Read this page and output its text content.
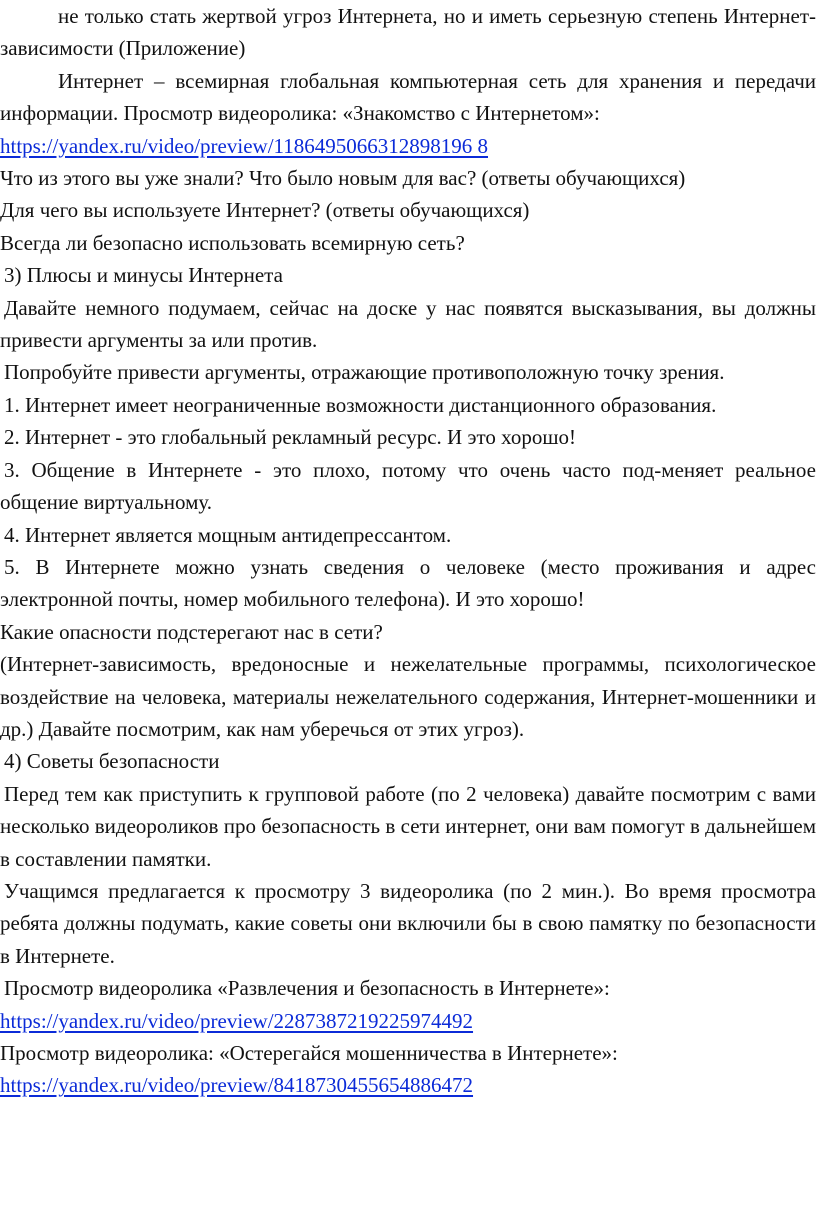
не только стать жертвой угроз Интернета, но и иметь серьезную степень Интернет-зависимости (Приложение)

Интернет – всемирная глобальная компьютерная сеть для хранения и передачи информации. Просмотр видеоролика: «Знакомство с Интернетом»:

https://yandex.ru/video/preview/1186495066312898196 8

Что из этого вы уже знали? Что было новым для вас? (ответы обучающихся)

Для чего вы используете Интернет? (ответы обучающихся)

Всегда ли безопасно использовать всемирную сеть?

3) Плюсы и минусы Интернета

Давайте немного подумаем, сейчас на доске у нас появятся высказывания, вы должны привести аргументы за или против.

Попробуйте привести аргументы, отражающие противоположную точку зрения.

1. Интернет имеет неограниченные возможности дистанционного образования.

2. Интернет - это глобальный рекламный ресурс. И это хорошо!

3. Общение в Интернете - это плохо, потому что очень часто под-меняет реальное общение виртуальному.

4. Интернет является мощным антидепрессантом.

5. В Интернете можно узнать сведения о человеке (место проживания и адрес электронной почты, номер мобильного телефона). И это хорошо!

Какие опасности подстерегают нас в сети?

(Интернет-зависимость, вредоносные и нежелательные программы, психологическое воздействие на человека, материалы нежелательного содержания, Интернет-мошенники и др.) Давайте посмотрим, как нам уберечься от этих угроз).

4) Советы безопасности

Перед тем как приступить к групповой работе (по 2 человека) давайте посмотрим с вами несколько видеороликов про безопасность в сети интернет, они вам помогут в дальнейшем в составлении памятки.

Учащимся предлагается к просмотру 3 видеоролика (по 2 мин.). Во время просмотра ребята должны подумать, какие советы они включили бы в свою памятку по безопасности в Интернете.

Просмотр видеоролика «Развлечения и безопасность в Интернете»:

https://yandex.ru/video/preview/2287387219225974492

Просмотр видеоролика: «Остерегайся мошенничества в Интернете»:

https://yandex.ru/video/preview/8418730455654886472
